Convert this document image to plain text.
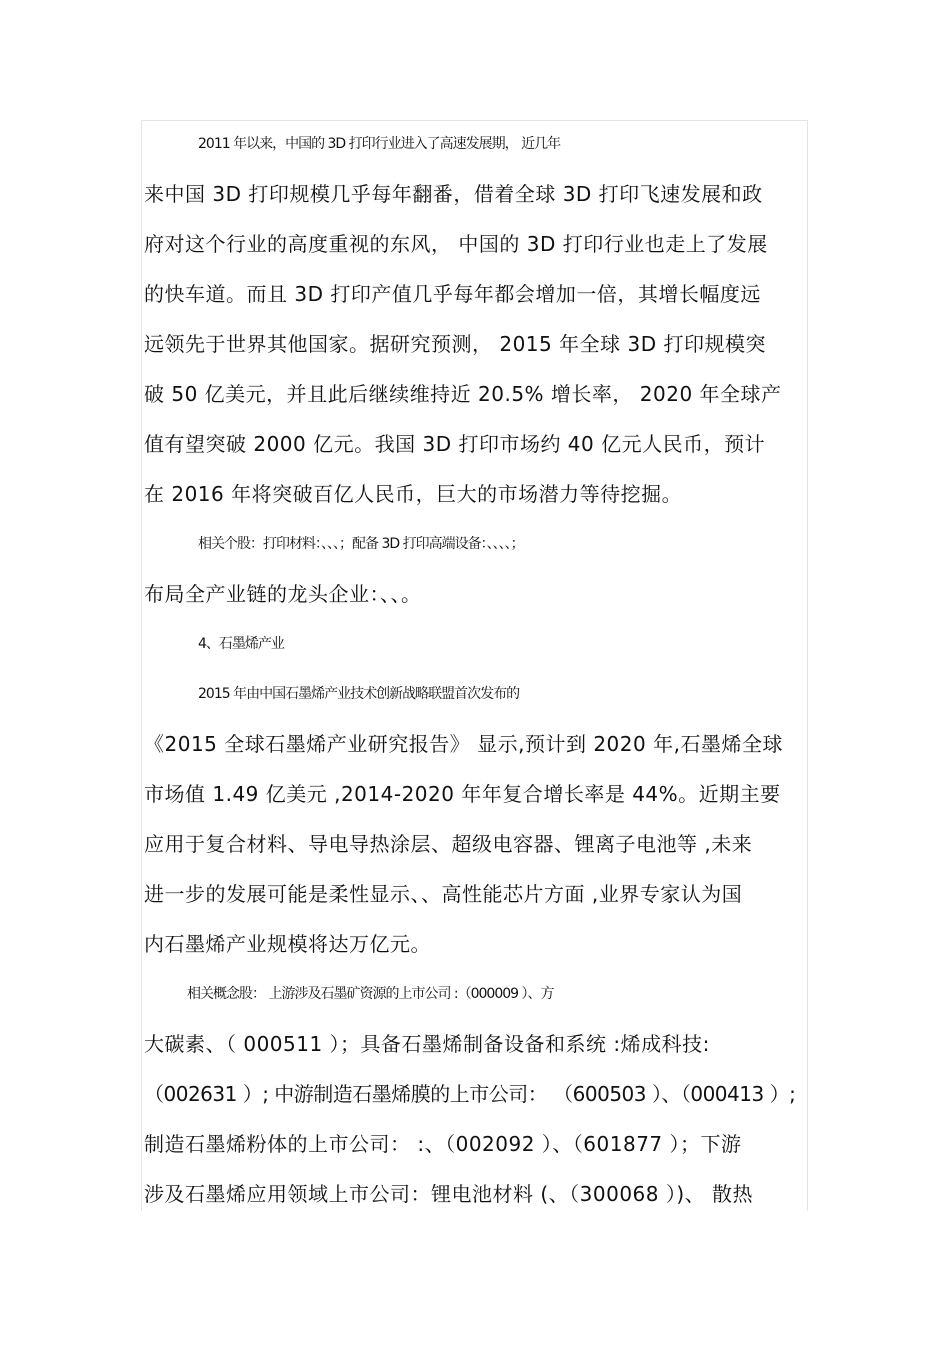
2011 年以来，中国的 3D 打印行业进入了高速发展期， 近几年
来中国 3D 打印规模几乎每年翻番，借着全球 3D 打印飞速发展和政
府对这个行业的高度重视的东风， 中国的 3D 打印行业也走上了发展
的快车道。而且 3D 打印产值几乎每年都会增加一倍，其增长幅度远
远领先于世界其他国家。据研究预测， 2015 年全球 3D 打印规模突
破 50 亿美元，并且此后继续维持近 20.5% 增长率， 2020 年全球产
值有望突破 2000 亿元。我国 3D 打印市场约 40 亿元人民币，预计
在 2016 年将突破百亿人民币，巨大的市场潜力等待挖掘。
相关个股：打印材料：、、、；配备 3D 打印高端设备：、、、、；
布局全产业链的龙头企业：、、。
4、石墨烯产业
2015 年由中国石墨烯产业技术创新战略联盟首次发布的
《2015 全球石墨烯产业研究报告》 显示,预计到 2020 年,石墨烯全球
市场值 1.49 亿美元 ,2014-2020 年年复合增长率是 44%。近期主要
应用于复合材料、导电导热涂层、超级电容器、锂离子电池等 ,未来
进一步的发展可能是柔性显示、、高性能芯片方面 ,业界专家认为国
内石墨烯产业规模将达万亿元。
相关概念股： 上游涉及石墨矿资源的上市公司 :（000009 ）、方
大碳素、（ 000511 ）；具备石墨烯制备设备和系统 :烯成科技:
（002631 ）; 中游制造石墨烯膜的上市公司： （600503 ）、（000413 ）;
制造石墨烯粉体的上市公司： :、（002092 ）、（601877 ）；下游
涉及石墨烯应用领域上市公司：锂电池材料 (、（300068 ）)、 散热
